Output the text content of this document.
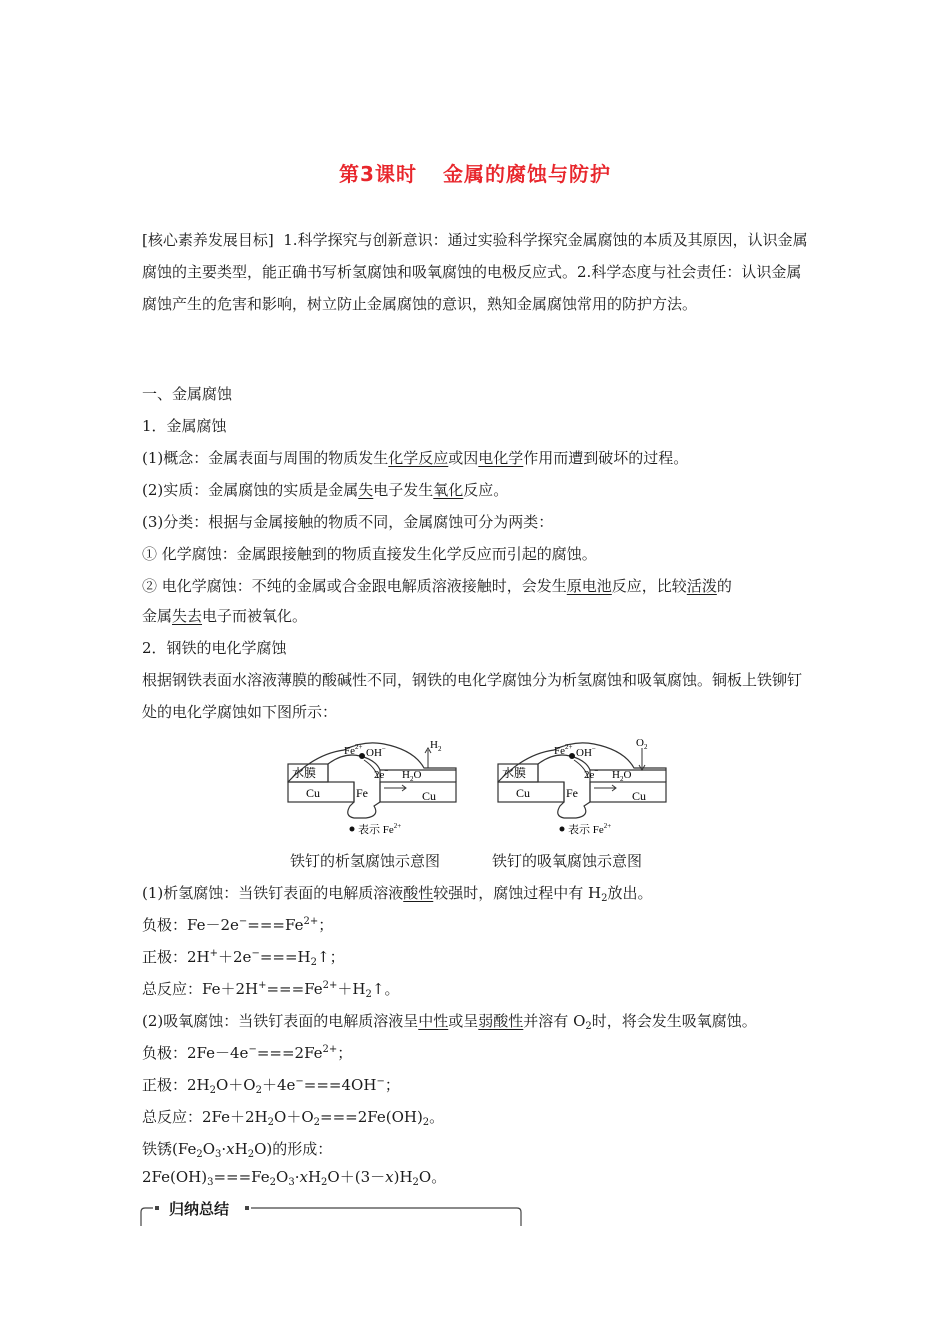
第3课时 金属的腐蚀与防护
[核心素养发展目标] 1.科学探究与创新意识：通过实验科学探究金属腐蚀的本质及其原因，认识金属腐蚀的主要类型，能正确书写析氢腐蚀和吸氧腐蚀的电极反应式。2.科学态度与社会责任：认识金属腐蚀产生的危害和影响，树立防止金属腐蚀的意识，熟知金属腐蚀常用的防护方法。
一、金属腐蚀
1．金属腐蚀
(1)概念：金属表面与周围的物质发生化学反应或因电化学作用而遭到破坏的过程。
(2)实质：金属腐蚀的实质是金属失电子发生氧化反应。
(3)分类：根据与金属接触的物质不同，金属腐蚀可分为两类：
① 化学腐蚀：金属跟接触到的物质直接发生化学反应而引起的腐蚀。
② 电化学腐蚀：不纯的金属或合金跟电解质溶液接触时，会发生原电池反应，比较活泼的
金属失去电子而被氧化。
2．钢铁的电化学腐蚀
根据钢铁表面水溶液薄膜的酸碱性不同，钢铁的电化学腐蚀分为析氢腐蚀和吸氧腐蚀。铜板上铁铆钉处的电化学腐蚀如下图所示：
水膜
$Fe^{2+}$ OH−
2e− $H_2O$
$H_2$
Cu	Fe	Cu
表示 $Fe^{2+}$
水膜
$Fe^{2+}$ OH−
2e− $H_2O$
$O_2$
Cu	Fe	Cu
表示 $Fe^{2+}$
铁钉的析氢腐蚀示意图	铁钉的吸氧腐蚀示意图
(1)析氢腐蚀：当铁钉表面的电解质溶液酸性较强时，腐蚀过程中有 $H_2$放出。
负极：$Fe-2e^-===Fe^{2+}$；
正极：$2H^++2e^-===H_2↑$；
总反应：$Fe+2H^+===Fe^{2+}+H_2↑$。
(2)吸氧腐蚀：当铁钉表面的电解质溶液呈中性或呈弱酸性并溶有 $O_2$时，将会发生吸氧腐蚀。
负极：$2Fe-4e^-===2Fe^{2+}$；
正极：$2H_2O+O_2+4e^-===4OH^-$；
总反应：$2Fe+2H_2O+O_2===2Fe(OH)_2$。
铁锈$(Fe_2O_3\cdot xH_2O)$的形成：
$2Fe(OH)_3===Fe_2O_3\cdot xH_2O+(3-x)H_2O$。
归纳总结
